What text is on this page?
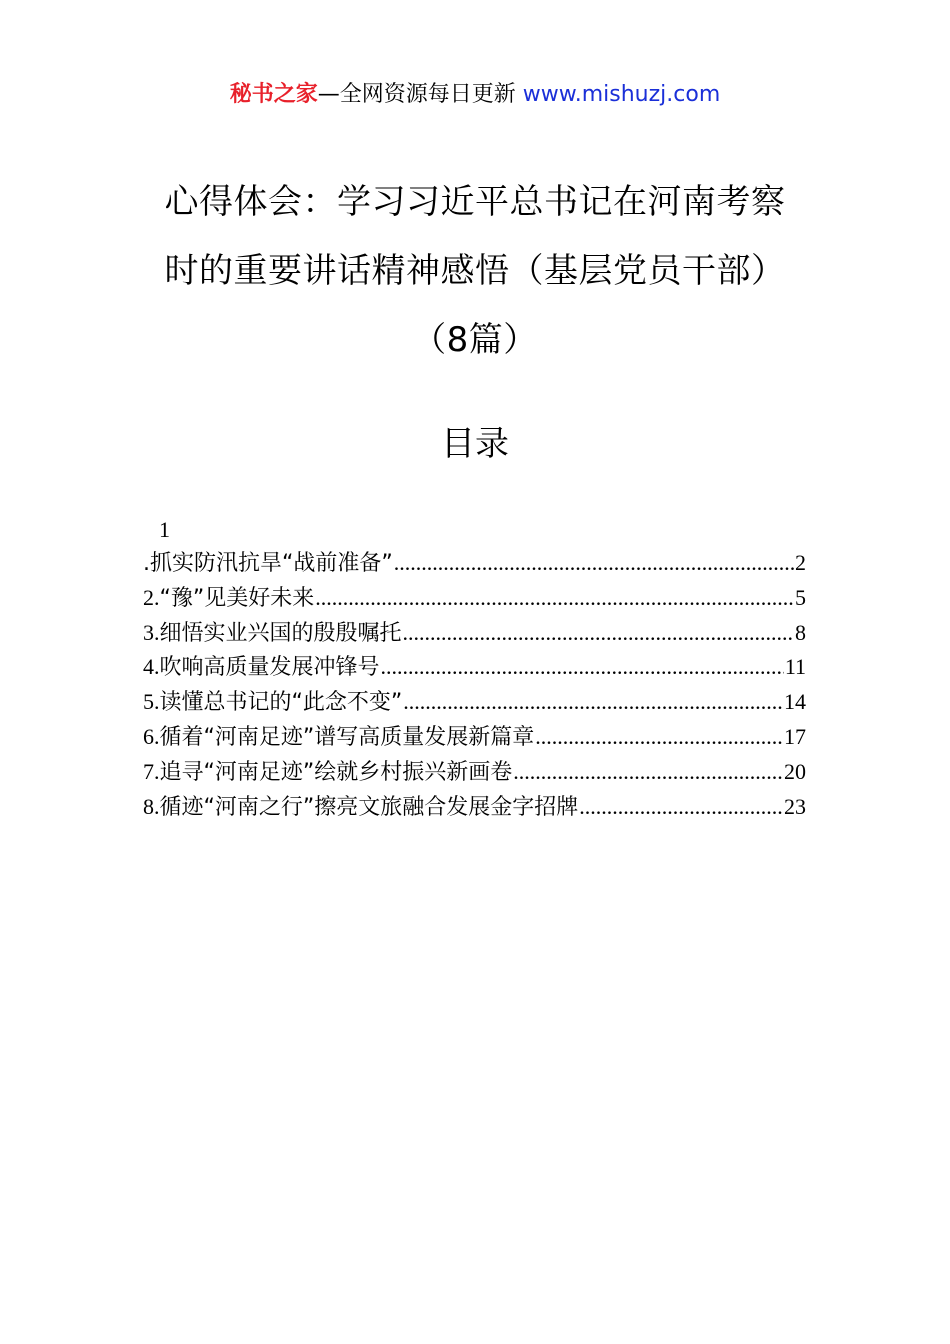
秘书之家—全网资源每日更新 www.mishuzj.com
心得体会：学习习近平总书记在河南考察
时的重要讲话精神感悟（基层党员干部）
（8篇）
目录
1
.抓实防汛抗旱“战前准备” .....	2
2.“豫”见美好未来 .....	5
3.细悟实业兴国的殷殷嘱托 .....	8
4.吹响高质量发展冲锋号 .....	11
5.读懂总书记的“此念不变” .....	14
6.循着“河南足迹”谱写高质量发展新篇章 .....	17
7.追寻“河南足迹”绘就乡村振兴新画卷 .....	20
8.循迹“河南之行”擦亮文旅融合发展金字招牌 .....	23
